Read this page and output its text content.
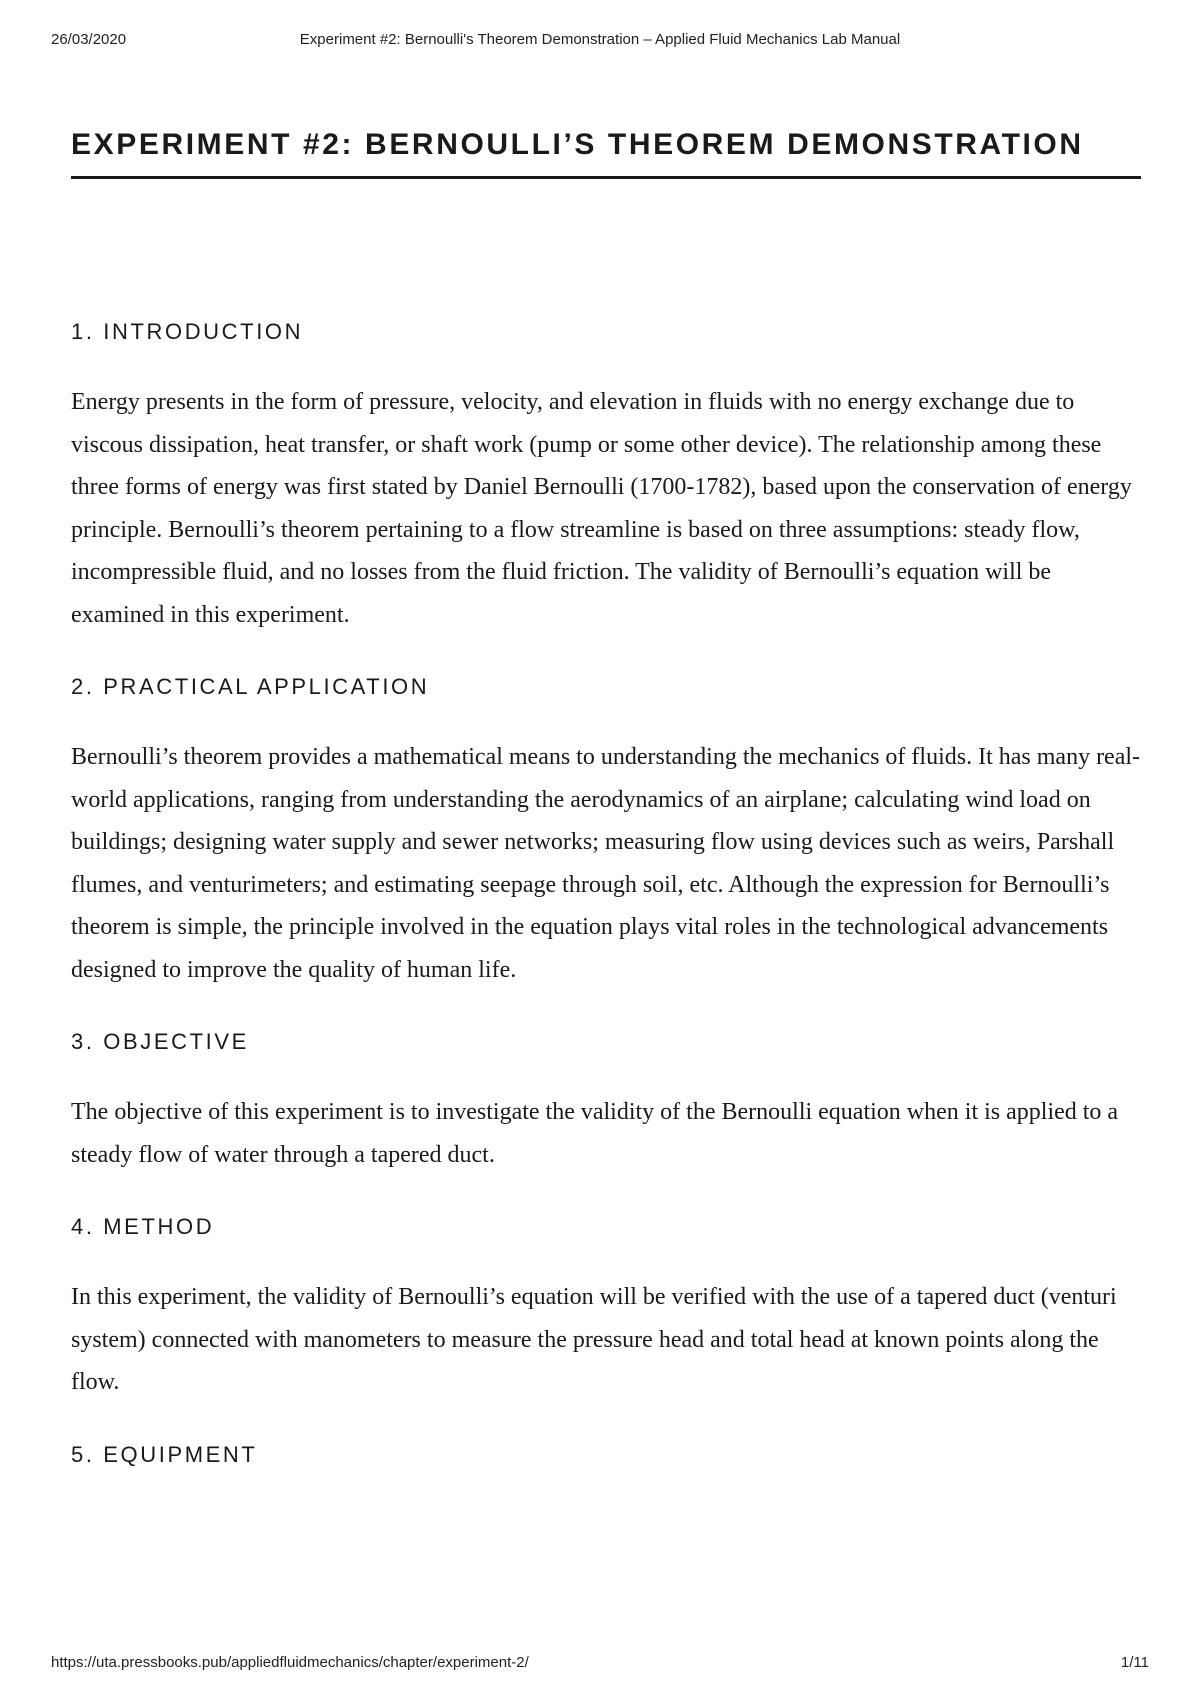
26/03/2020	Experiment #2: Bernoulli's Theorem Demonstration – Applied Fluid Mechanics Lab Manual
EXPERIMENT #2: BERNOULLI’S THEOREM DEMONSTRATION
1. INTRODUCTION

Energy presents in the form of pressure, velocity, and elevation in fluids with no energy exchange due to viscous dissipation, heat transfer, or shaft work (pump or some other device). The relationship among these three forms of energy was first stated by Daniel Bernoulli (1700-1782), based upon the conservation of energy principle. Bernoulli’s theorem pertaining to a flow streamline is based on three assumptions: steady flow, incompressible fluid, and no losses from the fluid friction. The validity of Bernoulli’s equation will be examined in this experiment.

2. PRACTICAL APPLICATION

Bernoulli’s theorem provides a mathematical means to understanding the mechanics of fluids. It has many real-world applications, ranging from understanding the aerodynamics of an airplane; calculating wind load on buildings; designing water supply and sewer networks; measuring flow using devices such as weirs, Parshall flumes, and venturimeters; and estimating seepage through soil, etc. Although the expression for Bernoulli’s theorem is simple, the principle involved in the equation plays vital roles in the technological advancements designed to improve the quality of human life.

3. OBJECTIVE

The objective of this experiment is to investigate the validity of the Bernoulli equation when it is applied to a steady flow of water through a tapered duct.

4. METHOD

In this experiment, the validity of Bernoulli’s equation will be verified with the use of a tapered duct (venturi system) connected with manometers to measure the pressure head and total head at known points along the flow.

5. EQUIPMENT
https://uta.pressbooks.pub/appliedfluidmechanics/chapter/experiment-2/	1/11
